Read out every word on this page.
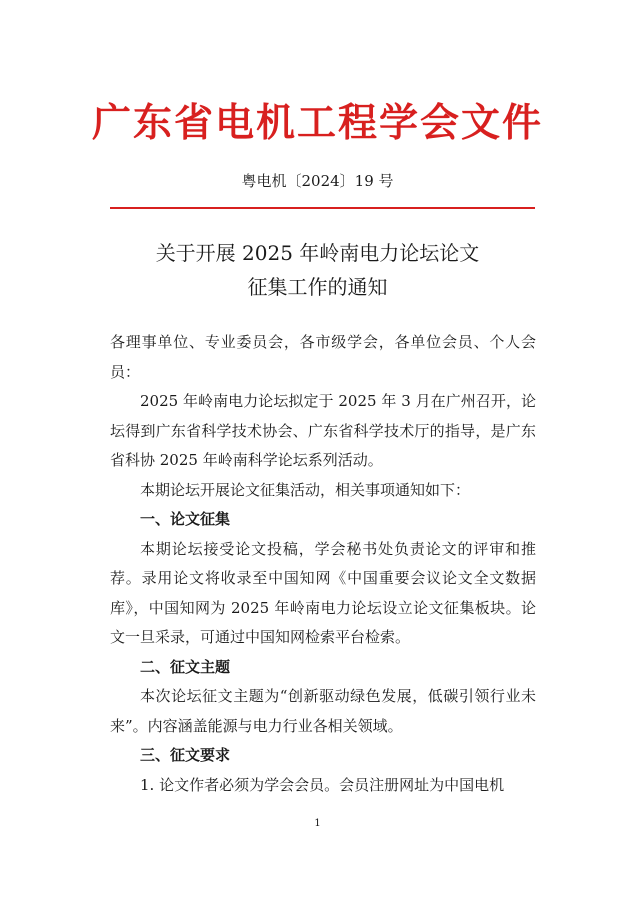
广东省电机工程学会文件
粤电机〔2024〕19 号
关于开展 2025 年岭南电力论坛论文
征集工作的通知

各理事单位、专业委员会，各市级学会，各单位会员、个人会员：

2025 年岭南电力论坛拟定于 2025 年 3 月在广州召开，论坛得到广东省科学技术协会、广东省科学技术厅的指导，是广东省科协 2025 年岭南科学论坛系列活动。

本期论坛开展论文征集活动，相关事项通知如下：

一、论文征集

本期论坛接受论文投稿，学会秘书处负责论文的评审和推荐。录用论文将收录至中国知网《中国重要会议论文全文数据库》，中国知网为 2025 年岭南电力论坛设立论文征集板块。论文一旦采录，可通过中国知网检索平台检索。

二、征文主题

本次论坛征文主题为“创新驱动绿色发展，低碳引领行业未来”。内容涵盖能源与电力行业各相关领域。

三、征文要求

1. 论文作者必须为学会会员。会员注册网址为中国电机

1
